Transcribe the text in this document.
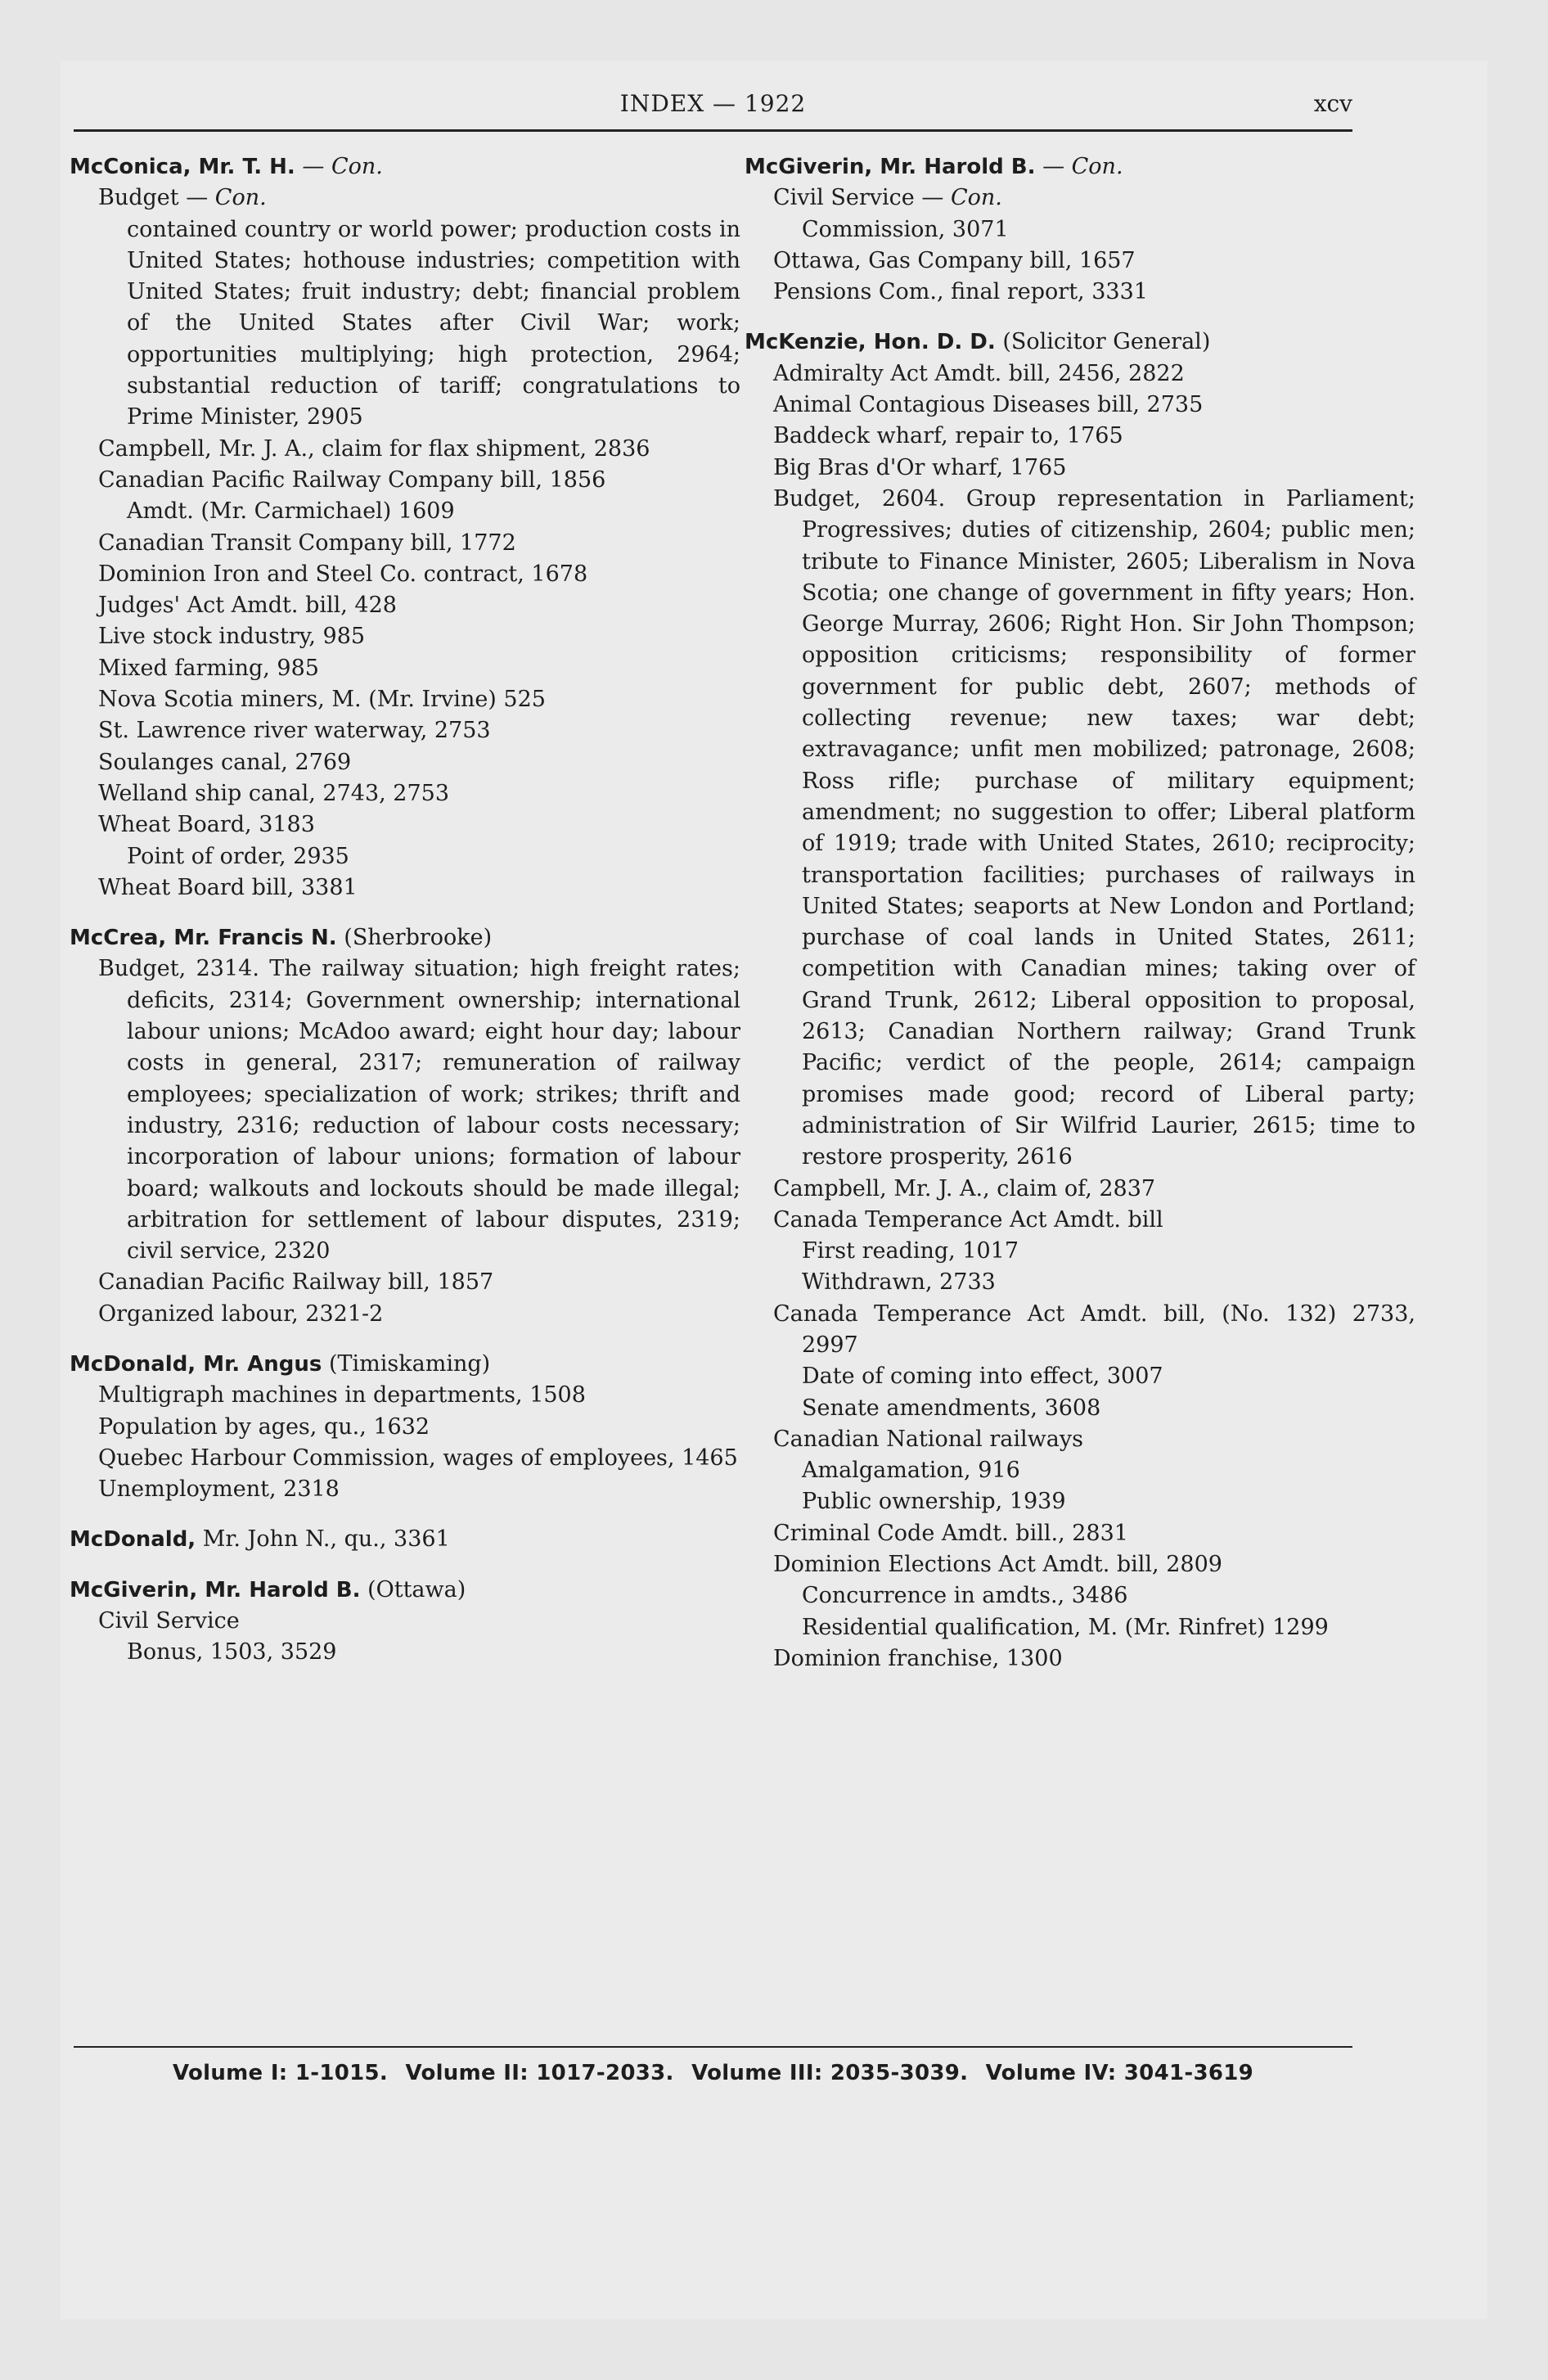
INDEX — 1922	xcv
McConica, Mr. T. H. — Con.
Budget — Con.
contained country or world power; production costs in United States; hothouse industries; competition with United States; fruit industry; debt; financial problem of the United States after Civil War; work; opportunities multiplying; high protection, 2964; substantial reduction of tariff; congratulations to Prime Minister, 2905
Campbell, Mr. J. A., claim for flax shipment, 2836
Canadian Pacific Railway Company bill, 1856
Amdt. (Mr. Carmichael) 1609
Canadian Transit Company bill, 1772
Dominion Iron and Steel Co. contract, 1678
Judges' Act Amdt. bill, 428
Live stock industry, 985
Mixed farming, 985
Nova Scotia miners, M. (Mr. Irvine) 525
St. Lawrence river waterway, 2753
Soulanges canal, 2769
Welland ship canal, 2743, 2753
Wheat Board, 3183
Point of order, 2935
Wheat Board bill, 3381
McCrea, Mr. Francis N. (Sherbrooke)
Budget, 2314. The railway situation; high freight rates; deficits, 2314; Government ownership; international labour unions; McAdoo award; eight hour day; labour costs in general, 2317; remuneration of railway employees; specialization of work; strikes; thrift and industry, 2316; reduction of labour costs necessary; incorporation of labour unions; formation of labour board; walkouts and lockouts should be made illegal; arbitration for settlement of labour disputes, 2319; civil service, 2320
Canadian Pacific Railway bill, 1857
Organized labour, 2321-2
McDonald, Mr. Angus (Timiskaming)
Multigraph machines in departments, 1508
Population by ages, qu., 1632
Quebec Harbour Commission, wages of employees, 1465
Unemployment, 2318
McDonald, Mr. John N., qu., 3361
McGiverin, Mr. Harold B. (Ottawa)
Civil Service
Bonus, 1503, 3529
McGiverin, Mr. Harold B. — Con.
Civil Service — Con.
Commission, 3071
Ottawa, Gas Company bill, 1657
Pensions Com., final report, 3331
McKenzie, Hon. D. D. (Solicitor General)
Admiralty Act Amdt. bill, 2456, 2822
Animal Contagious Diseases bill, 2735
Baddeck wharf, repair to, 1765
Big Bras d'Or wharf, 1765
Budget, 2604. Group representation in Parliament; Progressives; duties of citizenship, 2604; public men; tribute to Finance Minister, 2605; Liberalism in Nova Scotia; one change of government in fifty years; Hon. George Murray, 2606; Right Hon. Sir John Thompson; opposition criticisms; responsibility of former government for public debt, 2607; methods of collecting revenue; new taxes; war debt; extravagance; unfit men mobilized; patronage, 2608; Ross rifle; purchase of military equipment; amendment; no suggestion to offer; Liberal platform of 1919; trade with United States, 2610; reciprocity; transportation facilities; purchases of railways in United States; seaports at New London and Portland; purchase of coal lands in United States, 2611; competition with Canadian mines; taking over of Grand Trunk, 2612; Liberal opposition to proposal, 2613; Canadian Northern railway; Grand Trunk Pacific; verdict of the people, 2614; campaign promises made good; record of Liberal party; administration of Sir Wilfrid Laurier, 2615; time to restore prosperity, 2616
Campbell, Mr. J. A., claim of, 2837
Canada Temperance Act Amdt. bill
First reading, 1017
Withdrawn, 2733
Canada Temperance Act Amdt. bill, (No. 132) 2733, 2997
Date of coming into effect, 3007
Senate amendments, 3608
Canadian National railways
Amalgamation, 916
Public ownership, 1939
Criminal Code Amdt. bill., 2831
Dominion Elections Act Amdt. bill, 2809
Concurrence in amdts., 3486
Residential qualification, M. (Mr. Rinfret) 1299
Dominion franchise, 1300
Volume I: 1-1015. Volume II: 1017-2033. Volume III: 2035-3039. Volume IV: 3041-3619
